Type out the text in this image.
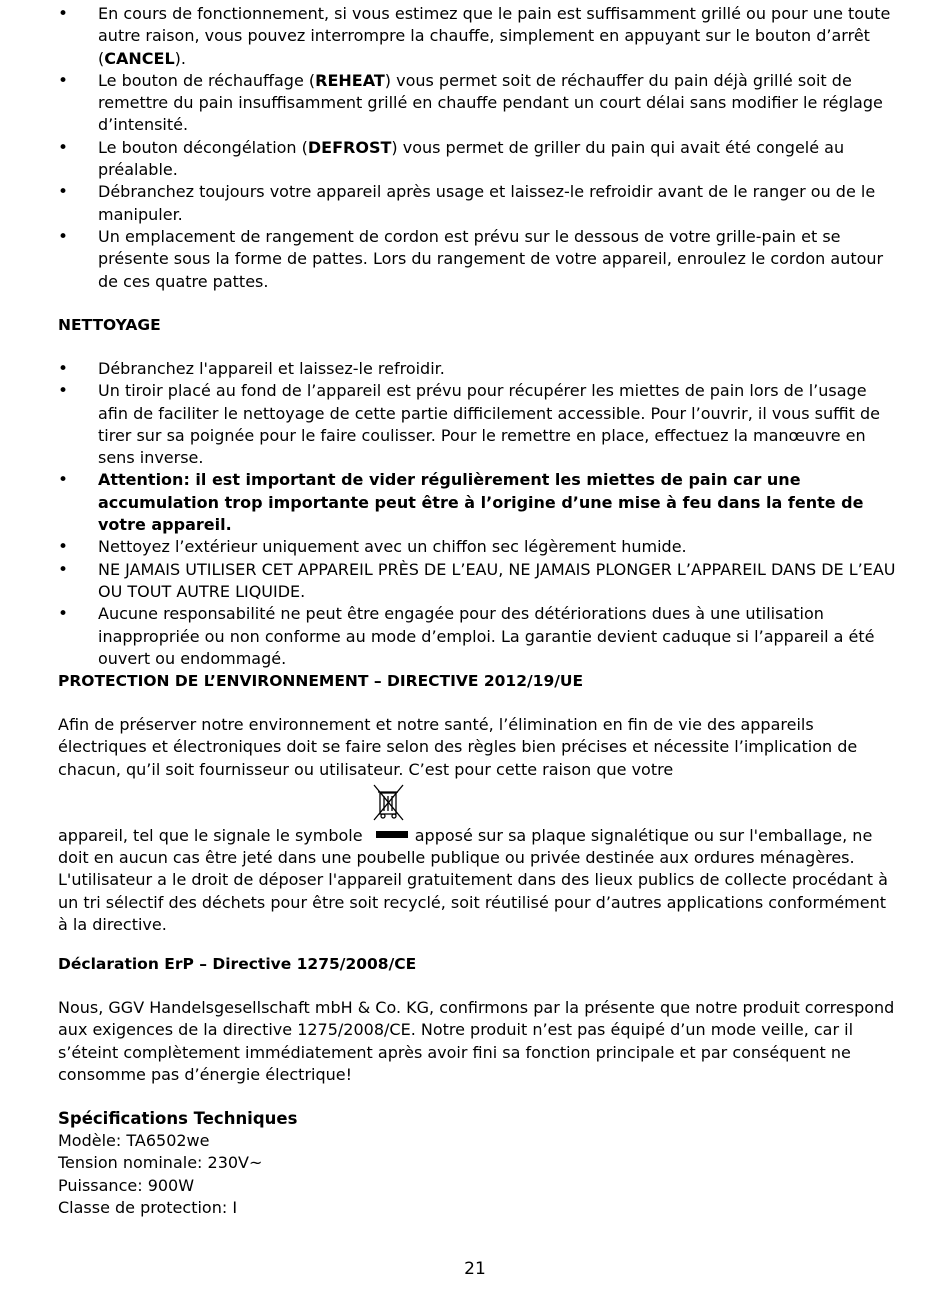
• En cours de fonctionnement, si vous estimez que le pain est suffisamment grillé ou pour une toute autre raison, vous pouvez interrompre la chauffe, simplement en appuyant sur le bouton d’arrêt (CANCEL).
• Le bouton de réchauffage (REHEAT) vous permet soit de réchauffer du pain déjà grillé soit de remettre du pain insuffisamment grillé en chauffe pendant un court délai sans modifier le réglage d’intensité.
• Le bouton décongélation (DEFROST) vous permet de griller du pain qui avait été congelé au préalable.
• Débranchez toujours votre appareil après usage et laissez-le refroidir avant de le ranger ou de le manipuler.
• Un emplacement de rangement de cordon est prévu sur le dessous de votre grille-pain et se présente sous la forme de pattes. Lors du rangement de votre appareil, enroulez le cordon autour de ces quatre pattes.
NETTOYAGE
• Débranchez l'appareil et laissez-le refroidir.
• Un tiroir placé au fond de l’appareil est prévu pour récupérer les miettes de pain lors de l’usage afin de faciliter le nettoyage de cette partie difficilement accessible. Pour l’ouvrir, il vous suffit de tirer sur sa poignée pour le faire coulisser. Pour le remettre en place, effectuez la manœuvre en sens inverse.
• Attention: il est important de vider régulièrement les miettes de pain car une accumulation trop importante peut être à l’origine d’une mise à feu dans la fente de votre appareil.
• Nettoyez l’extérieur uniquement avec un chiffon sec légèrement humide.
• NE JAMAIS UTILISER CET APPAREIL PRÈS DE L’EAU, NE JAMAIS PLONGER L’APPAREIL DANS DE L’EAU OU TOUT AUTRE LIQUIDE.
• Aucune responsabilité ne peut être engagée pour des détériorations dues à une utilisation inappropriée ou non conforme au mode d’emploi. La garantie devient caduque si l’appareil a été ouvert ou endommagé.
PROTECTION DE L’ENVIRONNEMENT – DIRECTIVE 2012/19/UE

Afin de préserver notre environnement et notre santé, l’élimination en fin de vie des appareils électriques et électroniques doit se faire selon des règles bien précises et nécessite l’implication de chacun, qu’il soit fournisseur ou utilisateur. C’est pour cette raison que votre

appareil, tel que le signale le symbole	apposé sur sa plaque signalétique ou sur l'emballage, ne doit en aucun cas être jeté dans une poubelle publique ou privée destinée aux ordures ménagères. L'utilisateur a le droit de déposer l'appareil gratuitement dans des lieux publics de collecte procédant à un tri sélectif des déchets pour être soit recyclé, soit réutilisé pour d’autres applications conformément à la directive.

Déclaration ErP – Directive 1275/2008/CE

Nous, GGV Handelsgesellschaft mbH & Co. KG, confirmons par la présente que notre produit correspond aux exigences de la directive 1275/2008/CE. Notre produit n’est pas équipé d’un mode veille, car il s’éteint complètement immédiatement après avoir fini sa fonction principale et par conséquent ne consomme pas d’énergie électrique!

Spécifications Techniques
Modèle: TA6502we
Tension nominale: 230V~
Puissance: 900W
Classe de protection: I
21
